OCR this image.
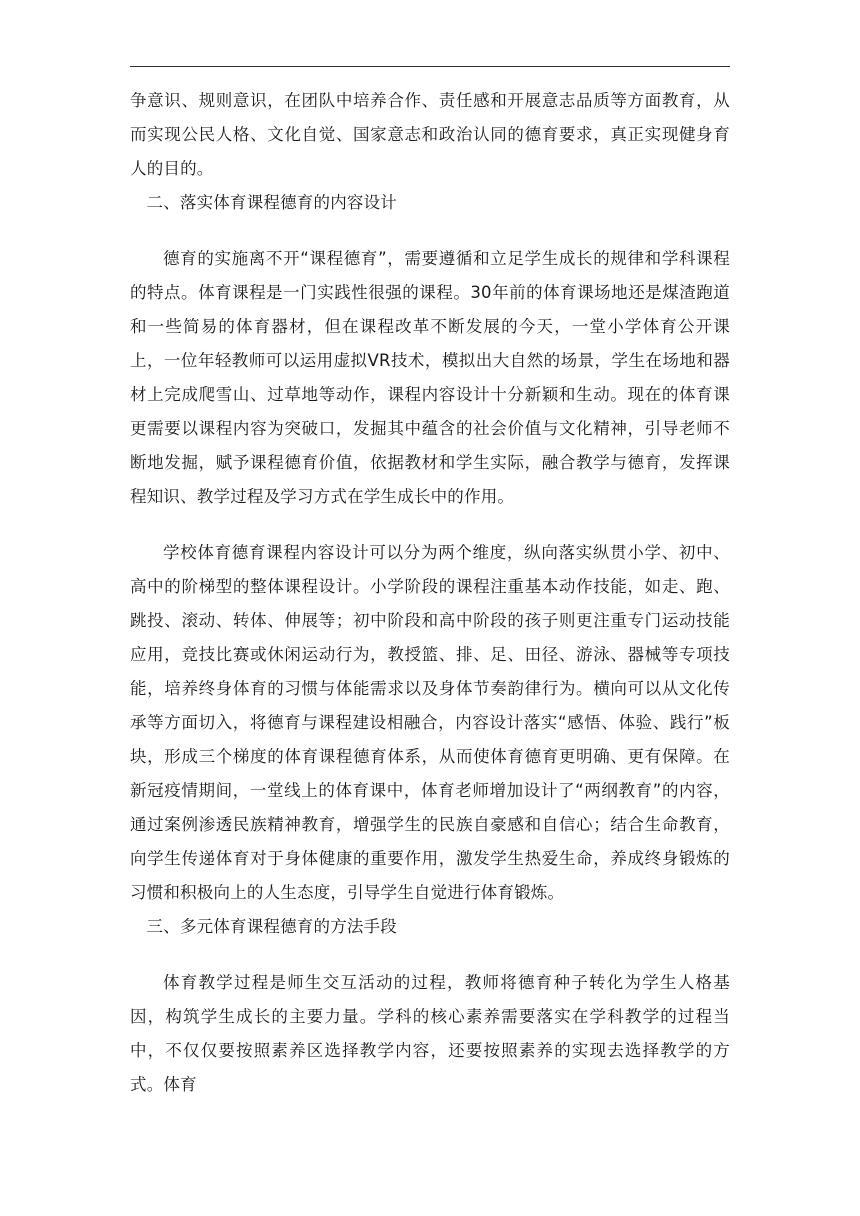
争意识、规则意识，在团队中培养合作、责任感和开展意志品质等方面教育，从而实现公民人格、文化自觉、国家意志和政治认同的德育要求，真正实现健身育人的目的。

二、落实体育课程德育的内容设计

德育的实施离不开“课程德育”，需要遵循和立足学生成长的规律和学科课程的特点。体育课程是一门实践性很强的课程。30年前的体育课场地还是煤渣跑道和一些简易的体育器材，但在课程改革不断发展的今天，一堂小学体育公开课上，一位年轻教师可以运用虚拟VR技术，模拟出大自然的场景，学生在场地和器材上完成爬雪山、过草地等动作，课程内容设计十分新颖和生动。现在的体育课更需要以课程内容为突破口，发掘其中蕴含的社会价值与文化精神，引导老师不断地发掘，赋予课程德育价值，依据教材和学生实际，融合教学与德育，发挥课程知识、教学过程及学习方式在学生成长中的作用。

学校体育德育课程内容设计可以分为两个维度，纵向落实纵贯小学、初中、高中的阶梯型的整体课程设计。小学阶段的课程注重基本动作技能，如走、跑、跳投、滚动、转体、伸展等；初中阶段和高中阶段的孩子则更注重专门运动技能应用，竞技比赛或休闲运动行为，教授篮、排、足、田径、游泳、器械等专项技能，培养终身体育的习惯与体能需求以及身体节奏韵律行为。横向可以从文化传承等方面切入，将德育与课程建设相融合，内容设计落实“感悟、体验、践行”板块，形成三个梯度的体育课程德育体系，从而使体育德育更明确、更有保障。在新冠疫情期间，一堂线上的体育课中，体育老师增加设计了“两纲教育”的内容，通过案例渗透民族精神教育，增强学生的民族自豪感和自信心；结合生命教育，向学生传递体育对于身体健康的重要作用，激发学生热爱生命，养成终身锻炼的习惯和积极向上的人生态度，引导学生自觉进行体育锻炼。

三、多元体育课程德育的方法手段

体育教学过程是师生交互活动的过程，教师将德育种子转化为学生人格基因，构筑学生成长的主要力量。学科的核心素养需要落实在学科教学的过程当中，不仅仅要按照素养区选择教学内容，还要按照素养的实现去选择教学的方式。体育
